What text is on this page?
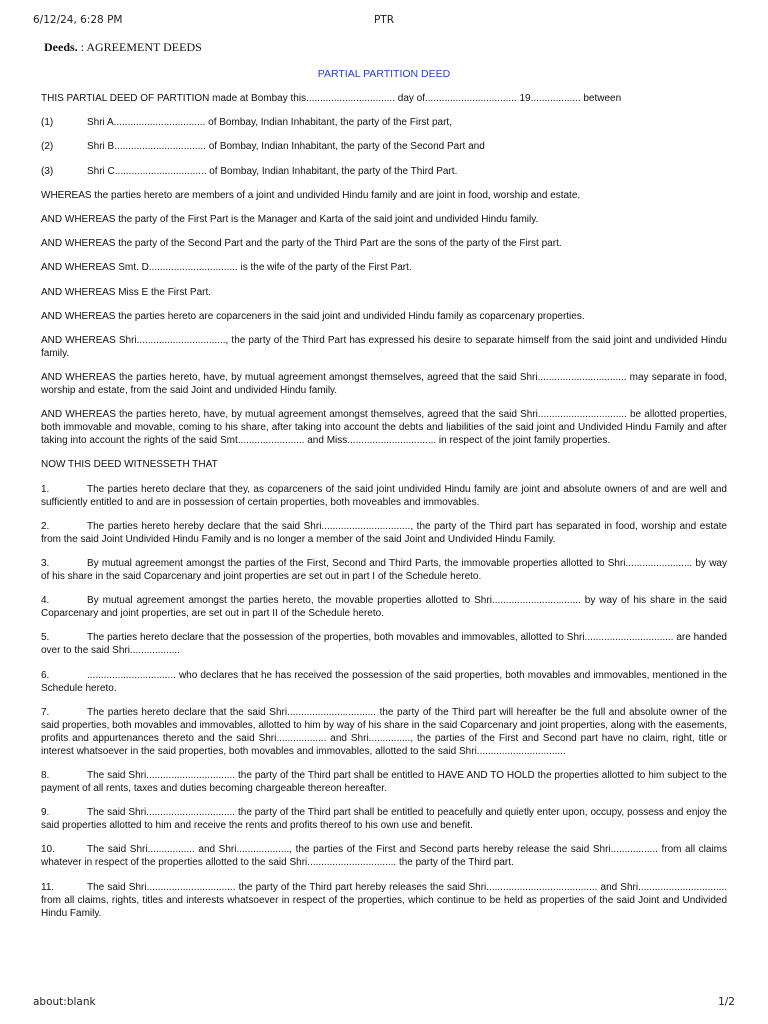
6/12/24, 6:28 PM	PTR
Deeds. : AGREEMENT DEEDS
PARTIAL PARTITION DEED

THIS PARTIAL DEED OF PARTITION made at Bombay this................................ day of................................. 19.................. between

(1)	Shri A................................. of Bombay, Indian Inhabitant, the party of the First part,
(2)	Shri B................................. of Bombay, Indian Inhabitant, the party of the Second Part and
(3)	Shri C................................. of Bombay, Indian Inhabitant, the party of the Third Part.

WHEREAS the parties hereto are members of a joint and undivided Hindu family and are joint in food, worship and estate.

AND WHEREAS the party of the First Part is the Manager and Karta of the said joint and undivided Hindu family.

AND WHEREAS the party of the Second Part and the party of the Third Part are the sons of the party of the First part.

AND WHEREAS Smt. D................................ is the wife of the party of the First Part.

AND WHEREAS Miss E the First Part.

AND WHEREAS the parties hereto are coparceners in the said joint and undivided Hindu family as coparcenary properties.

AND WHEREAS Shri................................, the party of the Third Part has expressed his desire to separate himself from the said joint and undivided Hindu family.

AND WHEREAS the parties hereto, have, by mutual agreement amongst themselves, agreed that the said Shri................................ may separate in food, worship and estate, from the said Joint and undivided Hindu family.

AND WHEREAS the parties hereto, have, by mutual agreement amongst themselves, agreed that the said Shri................................ be allotted properties, both immovable and movable, coming to his share, after taking into account the debts and liabilities of the said joint and Undivided Hindu Family and after taking into account the rights of the said Smt........................ and Miss................................ in respect of the joint family properties.

NOW THIS DEED WITNESSETH THAT

1.	The parties hereto declare that they, as coparceners of the said joint undivided Hindu family are joint and absolute owners of and are well and sufficiently entitled to and are in possession of certain properties, both moveables and immovables.

2.	The parties hereto hereby declare that the said Shri................................, the party of the Third part has separated in food, worship and estate from the said Joint Undivided Hindu Family and is no longer a member of the said Joint and Undivided Hindu Family.

3.	By mutual agreement amongst the parties of the First, Second and Third Parts, the immovable properties allotted to Shri........................ by way of his share in the said Coparcenary and joint properties are set out in part I of the Schedule hereto.

4.	By mutual agreement amongst the parties hereto, the movable properties allotted to Shri................................ by way of his share in the said Coparcenary and joint properties, are set out in part II of the Schedule hereto.

5.	The parties hereto declare that the possession of the properties, both movables and immovables, allotted to Shri................................ are handed over to the said Shri..................

6.	................................ who declares that he has received the possession of the said properties, both movables and immovables, mentioned in the Schedule hereto.

7.	The parties hereto declare that the said Shri................................ the party of the Third part will hereafter be the full and absolute owner of the said properties, both movables and immovables, allotted to him by way of his share in the said Coparcenary and joint properties, along with the easements, profits and appurtenances thereto and the said Shri.................. and Shri..............., the parties of the First and Second part have no claim, right, title or interest whatsoever in the said properties, both movables and immovables, allotted to the said Shri................................

8.	The said Shri................................ the party of the Third part shall be entitled to HAVE AND TO HOLD the properties allotted to him subject to the payment of all rents, taxes and duties becoming chargeable thereon hereafter.

9.	The said Shri................................ the party of the Third part shall be entitled to peacefully and quietly enter upon, occupy, possess and enjoy the said properties allotted to him and receive the rents and profits thereof to his own use and benefit.

10.	The said Shri................. and Shri..................., the parties of the First and Second parts hereby release the said Shri................. from all claims whatever in respect of the properties allotted to the said Shri................................ the party of the Third part.

11.	The said Shri................................ the party of the Third part hereby releases the said Shri........................................ and Shri................................ from all claims, rights, titles and interests whatsoever in respect of the properties, which continue to be held as properties of the said Joint and Undivided Hindu Family.

about:blank	1/2
